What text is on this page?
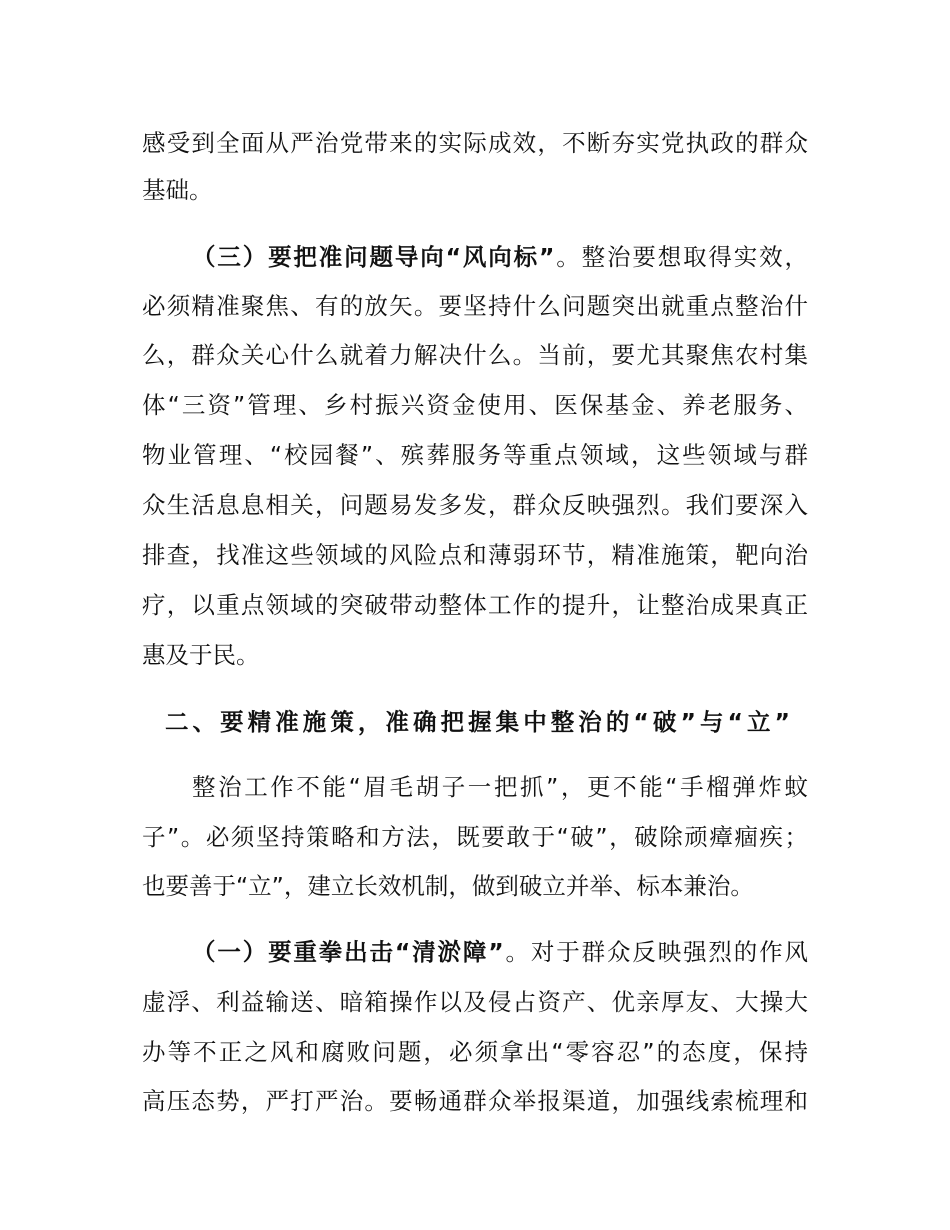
感受到全面从严治党带来的实际成效，不断夯实党执政的群众
基础。
（三）要把准问题导向“风向标”。整治要想取得实效，
必须精准聚焦、有的放矢。要坚持什么问题突出就重点整治什
么，群众关心什么就着力解决什么。当前，要尤其聚焦农村集
体“三资”管理、乡村振兴资金使用、医保基金、养老服务、
物业管理、“校园餐”、殡葬服务等重点领域，这些领域与群
众生活息息相关，问题易发多发，群众反映强烈。我们要深入
排查，找准这些领域的风险点和薄弱环节，精准施策，靶向治
疗，以重点领域的突破带动整体工作的提升，让整治成果真正
惠及于民。
二、要精准施策，准确把握集中整治的“破”与“立”
整治工作不能“眉毛胡子一把抓”，更不能“手榴弹炸蚊
子”。必须坚持策略和方法，既要敢于“破”，破除顽瘴痼疾；
也要善于“立”，建立长效机制，做到破立并举、标本兼治。
（一）要重拳出击“清淤障”。对于群众反映强烈的作风
虚浮、利益输送、暗箱操作以及侵占资产、优亲厚友、大操大
办等不正之风和腐败问题，必须拿出“零容忍”的态度，保持
高压态势，严打严治。要畅通群众举报渠道，加强线索梳理和
